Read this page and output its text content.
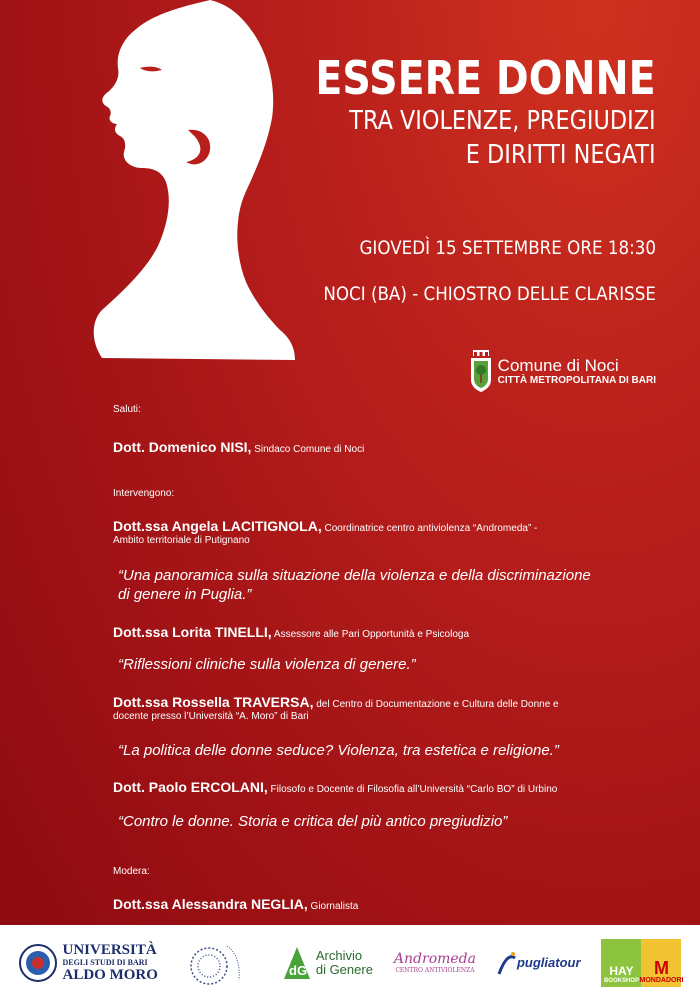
ESSERE DONNE
TRA VIOLENZE, PREGIUDIZI
E DIRITTI NEGATI
GIOVEDÌ 15 SETTEMBRE ORE 18:30
NOCI (BA) - CHIOSTRO DELLE CLARISSE
Comune di Noci
CITTÀ METROPOLITANA DI BARI
Saluti:
Dott. Domenico NISI, Sindaco Comune di Noci
Intervengono:
Dott.ssa Angela LACITIGNOLA, Coordinatrice centro antiviolenza “Andromeda” -
Ambito territoriale di Putignano
“Una panoramica sulla situazione della violenza e della discriminazione
di genere in Puglia.”
Dott.ssa Lorita TINELLI, Assessore alle Pari Opportunità e Psicologa
“Riflessioni cliniche sulla violenza di genere.”
Dott.ssa Rossella TRAVERSA, del Centro di Documentazione e Cultura delle Donne e
docente presso l’Università “A. Moro” di Bari
“La politica delle donne seduce? Violenza, tra estetica e religione.”
Dott. Paolo ERCOLANI, Filosofo e Docente di Filosofia all’Università “Carlo BO” di Urbino
“Contro le donne. Storia e critica del più antico pregiudizio”
Modera:
Dott.ssa Alessandra NEGLIA, Giornalista
UNIVERSITÀ
DEGLI STUDI DI BARI
ALDO MORO	dG
Archivio
di Genere
Andromeda
CENTRO ANTIVIOLENZA
pugliatour
HAY
BOOKSHOP
M
MONDADORI
